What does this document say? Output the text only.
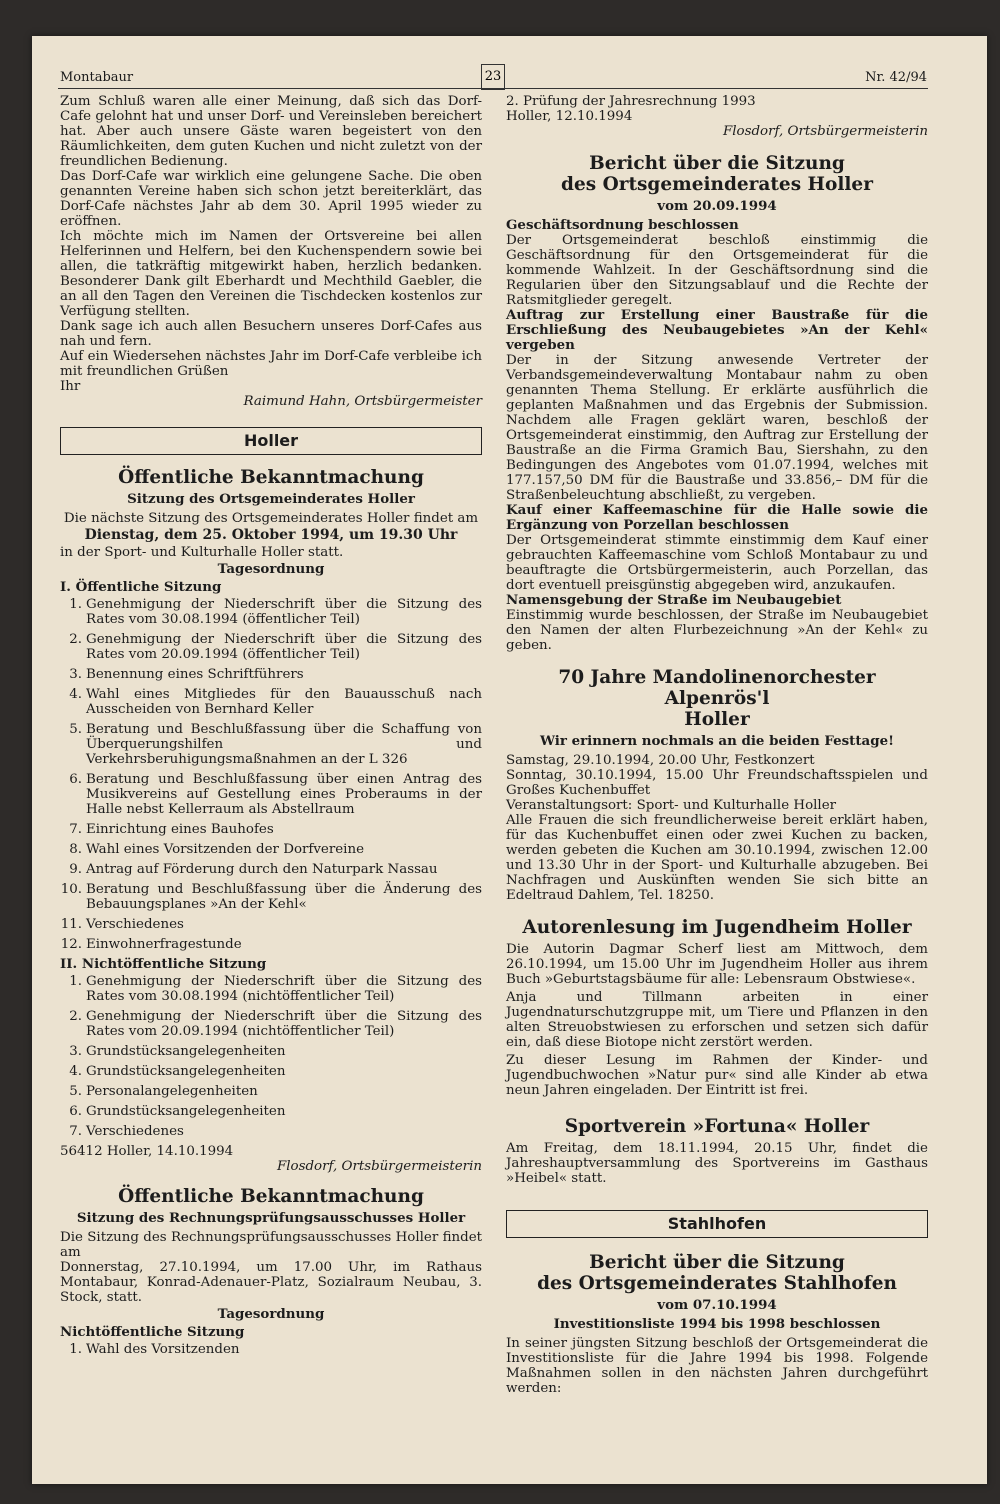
Montabaur	23	Nr. 42/94

Zum Schluß waren alle einer Meinung, daß sich das Dorf-Cafe gelohnt hat und unser Dorf- und Vereinsleben bereichert hat. Aber auch unsere Gäste waren begeistert von den Räumlichkeiten, dem guten Kuchen und nicht zuletzt von der freundlichen Bedienung.

Das Dorf-Cafe war wirklich eine gelungene Sache. Die oben genannten Vereine haben sich schon jetzt bereiterklärt, das Dorf-Cafe nächstes Jahr ab dem 30. April 1995 wieder zu eröffnen.

Ich möchte mich im Namen der Ortsvereine bei allen Helferinnen und Helfern, bei den Kuchenspendern sowie bei allen, die tatkräftig mitgewirkt haben, herzlich bedanken. Besonderer Dank gilt Eberhardt und Mechthild Gaebler, die an all den Tagen den Vereinen die Tischdecken kostenlos zur Verfügung stellten.

Dank sage ich auch allen Besuchern unseres Dorf-Cafes aus nah und fern.

Auf ein Wiedersehen nächstes Jahr im Dorf-Cafe verbleibe ich mit freundlichen Grüßen

Ihr

Raimund Hahn, Ortsbürgermeister

Holler
Öffentliche Bekanntmachung
Sitzung des Ortsgemeinderates Holler

Die nächste Sitzung des Ortsgemeinderates Holler findet am

Dienstag, dem 25. Oktober 1994, um 19.30 Uhr

in der Sport- und Kulturhalle Holler statt.

Tagesordnung
I. Öffentliche Sitzung
1. Genehmigung der Niederschrift über die Sitzung des Rates vom 30.08.1994 (öffentlicher Teil)
2. Genehmigung der Niederschrift über die Sitzung des Rates vom 20.09.1994 (öffentlicher Teil)
3. Benennung eines Schriftführers
4. Wahl eines Mitgliedes für den Bauausschuß nach Ausscheiden von Bernhard Keller
5. Beratung und Beschlußfassung über die Schaffung von Überquerungshilfen und Verkehrsberuhigungsmaßnahmen an der L 326
6. Beratung und Beschlußfassung über einen Antrag des Musikvereins auf Gestellung eines Proberaums in der Halle nebst Kellerraum als Abstellraum
7. Einrichtung eines Bauhofes
8. Wahl eines Vorsitzenden der Dorfvereine
9. Antrag auf Förderung durch den Naturpark Nassau
10. Beratung und Beschlußfassung über die Änderung des Bebauungsplanes »An der Kehl«
11. Verschiedenes
12. Einwohnerfragestunde
II. Nichtöffentliche Sitzung
1. Genehmigung der Niederschrift über die Sitzung des Rates vom 30.08.1994 (nichtöffentlicher Teil)
2. Genehmigung der Niederschrift über die Sitzung des Rates vom 20.09.1994 (nichtöffentlicher Teil)
3. Grundstücksangelegenheiten
4. Grundstücksangelegenheiten
5. Personalangelegenheiten
6. Grundstücksangelegenheiten
7. Verschiedenes

56412 Holler, 14.10.1994

Flosdorf, Ortsbürgermeisterin

Öffentliche Bekanntmachung
Sitzung des Rechnungsprüfungsausschusses Holler

Die Sitzung des Rechnungsprüfungsausschusses Holler findet am

Donnerstag, 27.10.1994, um 17.00 Uhr, im Rathaus Montabaur, Konrad-Adenauer-Platz, Sozialraum Neubau, 3. Stock, statt.

Tagesordnung
Nichtöffentliche Sitzung
1. Wahl des Vorsitzenden

2. Prüfung der Jahresrechnung 1993

Holler, 12.10.1994

Flosdorf, Ortsbürgermeisterin

Bericht über die Sitzung
des Ortsgemeinderates Holler
vom 20.09.1994

Geschäftsordnung beschlossen

Der Ortsgemeinderat beschloß einstimmig die Geschäftsordnung für den Ortsgemeinderat für die kommende Wahlzeit. In der Geschäftsordnung sind die Regularien über den Sitzungsablauf und die Rechte der Ratsmitglieder geregelt.

Auftrag zur Erstellung einer Baustraße für die Erschließung des Neubaugebietes »An der Kehl« vergeben

Der in der Sitzung anwesende Vertreter der Verbandsgemeindeverwaltung Montabaur nahm zu oben genannten Thema Stellung. Er erklärte ausführlich die geplanten Maßnahmen und das Ergebnis der Submission. Nachdem alle Fragen geklärt waren, beschloß der Ortsgemeinderat einstimmig, den Auftrag zur Erstellung der Baustraße an die Firma Gramich Bau, Siershahn, zu den Bedingungen des Angebotes vom 01.07.1994, welches mit 177.157,50 DM für die Baustraße und 33.856,– DM für die Straßenbeleuchtung abschließt, zu vergeben.

Kauf einer Kaffeemaschine für die Halle sowie die Ergänzung von Porzellan beschlossen

Der Ortsgemeinderat stimmte einstimmig dem Kauf einer gebrauchten Kaffeemaschine vom Schloß Montabaur zu und beauftragte die Ortsbürgermeisterin, auch Porzellan, das dort eventuell preisgünstig abgegeben wird, anzukaufen.

Namensgebung der Straße im Neubaugebiet

Einstimmig wurde beschlossen, der Straße im Neubaugebiet den Namen der alten Flurbezeichnung »An der Kehl« zu geben.

70 Jahre Mandolinenorchester Alpenrös'l
Holler
Wir erinnern nochmals an die beiden Festtage!

Samstag, 29.10.1994, 20.00 Uhr, Festkonzert

Sonntag, 30.10.1994, 15.00 Uhr Freundschaftsspielen und Großes Kuchenbuffet

Veranstaltungsort: Sport- und Kulturhalle Holler

Alle Frauen die sich freundlicherweise bereit erklärt haben, für das Kuchenbuffet einen oder zwei Kuchen zu backen, werden gebeten die Kuchen am 30.10.1994, zwischen 12.00 und 13.30 Uhr in der Sport- und Kulturhalle abzugeben. Bei Nachfragen und Auskünften wenden Sie sich bitte an Edeltraud Dahlem, Tel. 18250.

Autorenlesung im Jugendheim Holler

Die Autorin Dagmar Scherf liest am Mittwoch, dem 26.10.1994, um 15.00 Uhr im Jugendheim Holler aus ihrem Buch »Geburtstagsbäume für alle: Lebensraum Obstwiese«.

Anja und Tillmann arbeiten in einer Jugendnaturschutzgruppe mit, um Tiere und Pflanzen in den alten Streuobstwiesen zu erforschen und setzen sich dafür ein, daß diese Biotope nicht zerstört werden.

Zu dieser Lesung im Rahmen der Kinder- und Jugendbuchwochen »Natur pur« sind alle Kinder ab etwa neun Jahren eingeladen. Der Eintritt ist frei.

Sportverein »Fortuna« Holler

Am Freitag, dem 18.11.1994, 20.15 Uhr, findet die Jahreshauptversammlung des Sportvereins im Gasthaus »Heibel« statt.

Stahlhofen
Bericht über die Sitzung
des Ortsgemeinderates Stahlhofen
vom 07.10.1994
Investitionsliste 1994 bis 1998 beschlossen

In seiner jüngsten Sitzung beschloß der Ortsgemeinderat die Investitionsliste für die Jahre 1994 bis 1998. Folgende Maßnahmen sollen in den nächsten Jahren durchgeführt werden:
